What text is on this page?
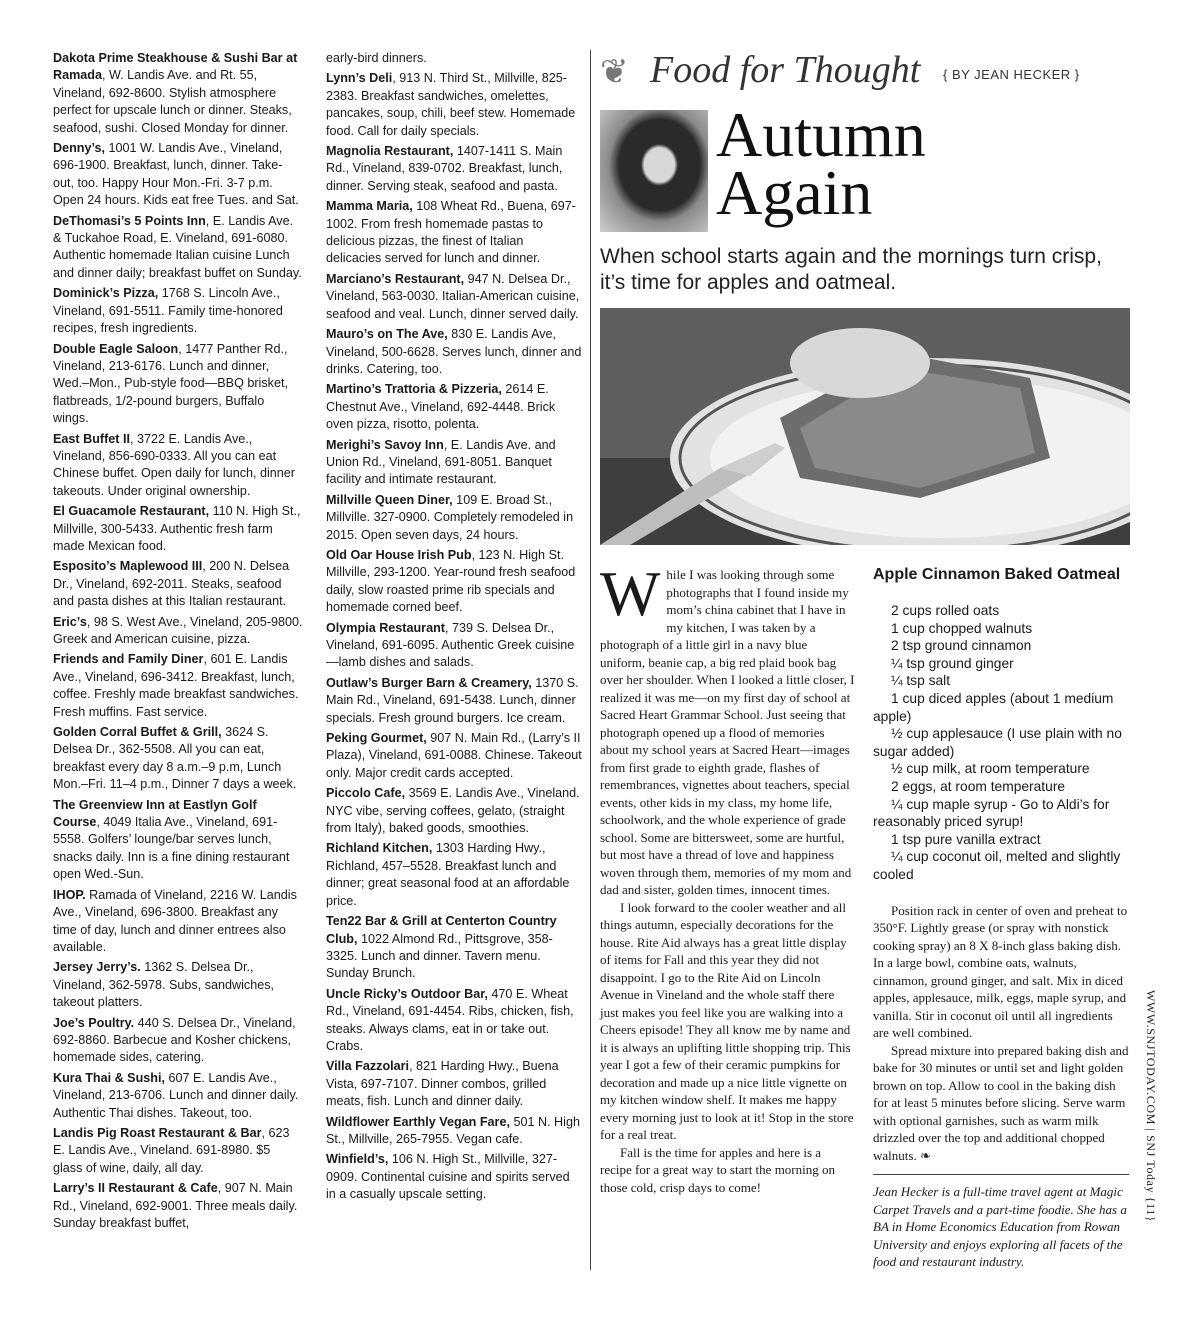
Dakota Prime Steakhouse & Sushi Bar at Ramada, W. Landis Ave. and Rt. 55, Vineland, 692-8600. Stylish atmosphere perfect for upscale lunch or dinner. Steaks, seafood, sushi. Closed Monday for dinner.
Denny’s, 1001 W. Landis Ave., Vineland, 696-1900. Breakfast, lunch, dinner. Take-out, too. Happy Hour Mon.-Fri. 3-7 p.m. Open 24 hours. Kids eat free Tues. and Sat.
DeThomasi’s 5 Points Inn, E. Landis Ave. & Tuckahoe Road, E. Vineland, 691-6080. Authentic homemade Italian cuisine Lunch and dinner daily; breakfast buffet on Sunday.
Dominick’s Pizza, 1768 S. Lincoln Ave., Vineland, 691-5511. Family time-honored recipes, fresh ingredients.
Double Eagle Saloon, 1477 Panther Rd., Vineland, 213-6176. Lunch and dinner, Wed.–Mon., Pub-style food—BBQ brisket, flatbreads, 1/2-pound burgers, Buffalo wings.
East Buffet II, 3722 E. Landis Ave., Vineland, 856-690-0333. All you can eat Chinese buffet. Open daily for lunch, dinner takeouts. Under original ownership.
El Guacamole Restaurant, 110 N. High St., Millville, 300-5433. Authentic fresh farm made Mexican food.
Esposito’s Maplewood III, 200 N. Delsea Dr., Vineland, 692-2011. Steaks, seafood and pasta dishes at this Italian restaurant.
Eric’s, 98 S. West Ave., Vineland, 205-9800. Greek and American cuisine, pizza.
Friends and Family Diner, 601 E. Landis Ave., Vineland, 696-3412. Breakfast, lunch, coffee. Freshly made breakfast sandwiches. Fresh muffins. Fast service.
Golden Corral Buffet & Grill, 3624 S. Delsea Dr., 362-5508. All you can eat, breakfast every day 8 a.m.–9 p.m, Lunch Mon.–Fri. 11–4 p.m., Dinner 7 days a week.
The Greenview Inn at Eastlyn Golf Course, 4049 Italia Ave., Vineland, 691-5558. Golfers’ lounge/bar serves lunch, snacks daily. Inn is a fine dining restaurant open Wed.-Sun.
IHOP. Ramada of Vineland, 2216 W. Landis Ave., Vineland, 696-3800. Breakfast any time of day, lunch and dinner entrees also available.
Jersey Jerry’s. 1362 S. Delsea Dr., Vineland, 362-5978. Subs, sandwiches, takeout platters.
Joe’s Poultry. 440 S. Delsea Dr., Vineland, 692-8860. Barbecue and Kosher chickens, homemade sides, catering.
Kura Thai & Sushi, 607 E. Landis Ave., Vineland, 213-6706. Lunch and dinner daily. Authentic Thai dishes. Takeout, too.
Landis Pig Roast Restaurant & Bar, 623 E. Landis Ave., Vineland. 691-8980. $5 glass of wine, daily, all day.
Larry’s II Restaurant & Cafe, 907 N. Main Rd., Vineland, 692-9001. Three meals daily. Sunday breakfast buffet,
early-bird dinners.
Lynn’s Deli, 913 N. Third St., Millville, 825- 2383. Breakfast sandwiches, omelettes, pancakes, soup, chili, beef stew. Homemade food. Call for daily specials.
Magnolia Restaurant, 1407-1411 S. Main Rd., Vineland, 839-0702. Breakfast, lunch, dinner. Serving steak, seafood and pasta.
Mamma Maria, 108 Wheat Rd., Buena, 697-1002. From fresh homemade pastas to delicious pizzas, the finest of Italian delicacies served for lunch and dinner.
Marciano’s Restaurant, 947 N. Delsea Dr., Vineland, 563-0030. Italian-American cuisine, seafood and veal. Lunch, dinner served daily.
Mauro’s on The Ave, 830 E. Landis Ave, Vineland, 500-6628. Serves lunch, dinner and drinks. Catering, too.
Martino’s Trattoria & Pizzeria, 2614 E. Chestnut Ave., Vineland, 692-4448. Brick oven pizza, risotto, polenta.
Merighi’s Savoy Inn, E. Landis Ave. and Union Rd., Vineland, 691-8051. Banquet facility and intimate restaurant.
Millville Queen Diner, 109 E. Broad St., Millville. 327-0900. Completely remodeled in 2015. Open seven days, 24 hours.
Old Oar House Irish Pub, 123 N. High St. Millville, 293-1200. Year-round fresh seafood daily, slow roasted prime rib specials and homemade corned beef.
Olympia Restaurant, 739 S. Delsea Dr., Vineland, 691-6095. Authentic Greek cuisine—lamb dishes and salads.
Outlaw’s Burger Barn & Creamery, 1370 S. Main Rd., Vineland, 691-5438. Lunch, dinner specials. Fresh ground burgers. Ice cream.
Peking Gourmet, 907 N. Main Rd., (Larry’s II Plaza), Vineland, 691-0088. Chinese. Takeout only. Major credit cards accepted.
Piccolo Cafe, 3569 E. Landis Ave., Vineland. NYC vibe, serving coffees, gelato, (straight from Italy), baked goods, smoothies.
Richland Kitchen, 1303 Harding Hwy., Richland, 457–5528. Breakfast lunch and dinner; great seasonal food at an affordable price.
Ten22 Bar & Grill at Centerton Country Club, 1022 Almond Rd., Pittsgrove, 358-3325. Lunch and dinner. Tavern menu. Sunday Brunch.
Uncle Ricky’s Outdoor Bar, 470 E. Wheat Rd., Vineland, 691-4454. Ribs, chicken, fish, steaks. Always clams, eat in or take out. Crabs.
Villa Fazzolari, 821 Harding Hwy., Buena Vista, 697-7107. Dinner combos, grilled meats, fish. Lunch and dinner daily.
Wildflower Earthly Vegan Fare, 501 N. High St., Millville, 265-7955. Vegan cafe.
Winfield’s, 106 N. High St., Millville, 327-0909. Continental cuisine and spirits served in a casually upscale setting.
❦ Food for Thought { BY JEAN HECKER }
Autumn
Again
When school starts again and the mornings turn crisp, it’s time for apples and oatmeal.

While I was looking through some photographs that I found inside my mom’s china cabinet that I have in my kitchen, I was taken by a photograph of a little girl in a navy blue uniform, beanie cap, a big red plaid book bag over her shoulder. When I looked a little closer, I realized it was me—on my first day of school at Sacred Heart Grammar School. Just seeing that photograph opened up a flood of memories about my school years at Sacred Heart—images from first grade to eighth grade, flashes of remembrances, vignettes about teachers, special events, other kids in my class, my home life, schoolwork, and the whole experience of grade school. Some are bittersweet, some are hurtful, but most have a thread of love and happiness woven through them, memories of my mom and dad and sister, golden times, innocent times.

I look forward to the cooler weather and all things autumn, especially decorations for the house. Rite Aid always has a great little display of items for Fall and this year they did not disappoint. I go to the Rite Aid on Lincoln Avenue in Vineland and the whole staff there just makes you feel like you are walking into a Cheers episode! They all know me by name and it is always an uplifting little shopping trip. This year I got a few of their ceramic pumpkins for decoration and made up a nice little vignette on my kitchen window shelf. It makes me happy every morning just to look at it! Stop in the store for a real treat.

Fall is the time for apples and here is a recipe for a great way to start the morning on those cold, crisp days to come!

Apple Cinnamon Baked Oatmeal
2 cups rolled oats
1 cup chopped walnuts
2 tsp ground cinnamon
¼ tsp ground ginger
¼ tsp salt
1 cup diced apples (about 1 medium apple)
½ cup applesauce (I use plain with no sugar added)
½ cup milk, at room temperature
2 eggs, at room temperature
¼ cup maple syrup - Go to Aldi’s for reasonably priced syrup!
1 tsp pure vanilla extract
¼ cup coconut oil, melted and slightly cooled

Position rack in center of oven and preheat to 350°F. Lightly grease (or spray with nonstick cooking spray) an 8 X 8-inch glass baking dish. In a large bowl, combine oats, walnuts, cinnamon, ground ginger, and salt. Mix in diced apples, applesauce, milk, eggs, maple syrup, and vanilla. Stir in coconut oil until all ingredients are well combined.

Spread mixture into prepared baking dish and bake for 30 minutes or until set and light golden brown on top. Allow to cool in the baking dish for at least 5 minutes before slicing. Serve warm with optional garnishes, such as warm milk drizzled over the top and additional chopped walnuts. ❧

Jean Hecker is a full-time travel agent at Magic Carpet Travels and a part-time foodie. She has a BA in Home Economics Education from Rowan University and enjoys exploring all facets of the food and restaurant industry.
WWW.SNJTODAY.COM | SNJ Today {11}
